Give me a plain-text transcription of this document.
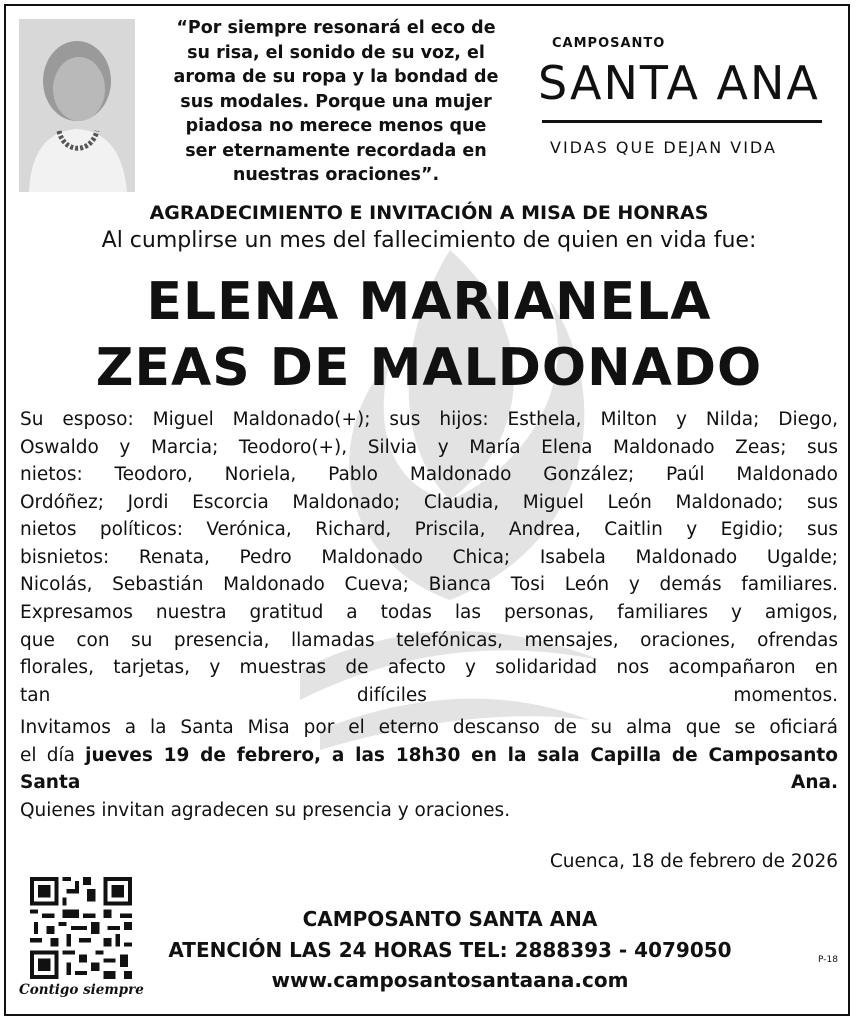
“Por siempre resonará el eco de
su risa, el sonido de su voz, el
aroma de su ropa y la bondad de
sus modales. Porque una mujer
piadosa no merece menos que
ser eternamente recordada en
nuestras oraciones”.
CAMPOSANTO
SANTA ANA
VIDAS QUE DEJAN VIDA
AGRADECIMIENTO E INVITACIÓN A MISA DE HONRAS
Al cumplirse un mes del fallecimiento de quien en vida fue:
ELENA MARIANELA
ZEAS DE MALDONADO
Su esposo: Miguel Maldonado(+); sus hijos: Esthela, Milton y Nilda; Diego,
Oswaldo y Marcia; Teodoro(+), Silvia y María Elena Maldonado Zeas; sus
nietos: Teodoro, Noriela, Pablo Maldonado González; Paúl Maldonado
Ordóñez; Jordi Escorcia Maldonado; Claudia, Miguel León Maldonado; sus
nietos políticos: Verónica, Richard, Priscila, Andrea, Caitlin y Egidio; sus
bisnietos: Renata, Pedro Maldonado Chica; Isabela Maldonado Ugalde;
Nicolás, Sebastián Maldonado Cueva; Bianca Tosi León y demás familiares.
Expresamos nuestra gratitud a todas las personas, familiares y amigos,
que con su presencia, llamadas telefónicas, mensajes, oraciones, ofrendas
florales, tarjetas, y muestras de afecto y solidaridad nos acompañaron en
tan difíciles momentos.
Invitamos a la Santa Misa por el eterno descanso de su alma que se oficiará
el día jueves 19 de febrero, a las 18h30 en la sala Capilla de Camposanto
Santa Ana.
Quienes invitan agradecen su presencia y oraciones.
Cuenca, 18 de febrero de 2026
Contigo siempre
CAMPOSANTO SANTA ANA
ATENCIÓN LAS 24 HORAS TEL: 2888393 - 4079050
www.camposantosantaana.com
P-18
